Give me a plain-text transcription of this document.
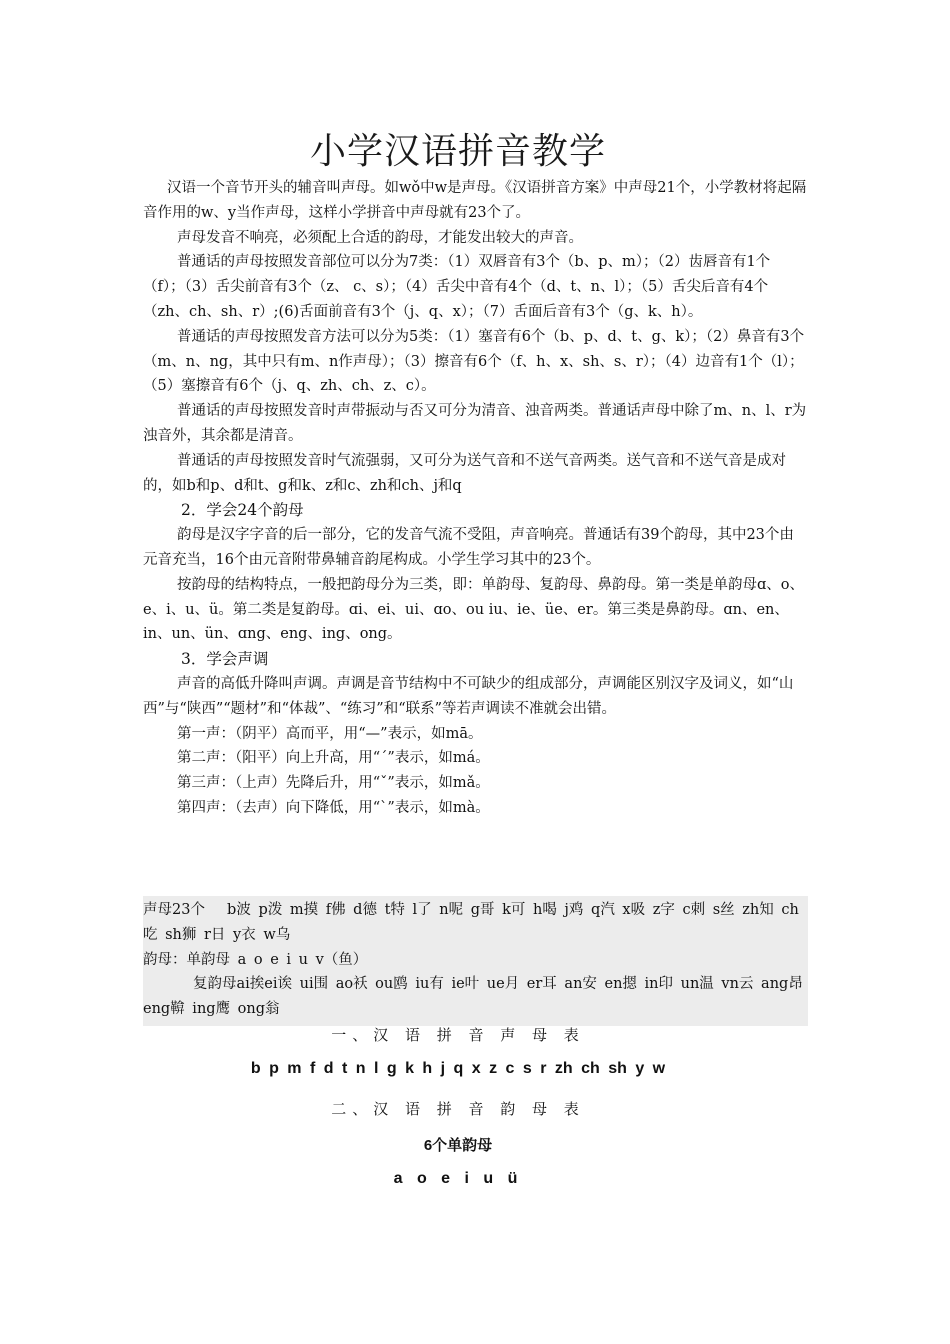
小学汉语拼音教学

汉语一个音节开头的辅音叫声母。如wǒ中w是声母。《汉语拼音方案》中声母21个，小学教材将起隔音作用的w、y当作声母，这样小学拼音中声母就有23个了。

声母发音不响亮，必须配上合适的韵母，才能发出较大的声音。

普通话的声母按照发音部位可以分为7类：（1）双唇音有3个（b、p、m）；（2）齿唇音有1个（f）；（3）舌尖前音有3个（z、 c、s）；（4）舌尖中音有4个（d、t、n、l）；（5）舌尖后音有4个（zh、ch、sh、r）;(6)舌面前音有3个（j、q、x）；（7）舌面后音有3个（g、k、h）。

普通话的声母按照发音方法可以分为5类：（1）塞音有6个（b、p、d、t、g、k）；（2）鼻音有3个（m、n、ng，其中只有m、n作声母）；（3）擦音有6个（f、h、x、sh、s、r）；（4）边音有1个（l）；（5）塞擦音有6个（j、q、zh、ch、z、c）。

普通话的声母按照发音时声带振动与否又可分为清音、浊音两类。普通话声母中除了m、n、l、r为浊音外，其余都是清音。

普通话的声母按照发音时气流强弱，又可分为送气音和不送气音两类。送气音和不送气音是成对的，如b和p、d和t、g和k、z和c、zh和ch、j和q

2．学会24个韵母

韵母是汉字字音的后一部分，它的发音气流不受阻，声音响亮。普通话有39个韵母，其中23个由元音充当，16个由元音附带鼻辅音韵尾构成。小学生学习其中的23个。

按韵母的结构特点，一般把韵母分为三类，即：单韵母、复韵母、鼻韵母。第一类是单韵母ɑ、o、e、i、u、ü。第二类是复韵母。ɑi、ei、ui、ɑo、ou iu、ie、üe、er。第三类是鼻韵母。ɑn、en、in、un、ün、ɑng、eng、ing、ong。

3．学会声调

声音的高低升降叫声调。声调是音节结构中不可缺少的组成部分，声调能区别汉字及词义，如“山西”与“陕西”“题材”和“体裁”、“练习”和“联系”等若声调读不准就会出错。

第一声：（阴平）高而平，用“—”表示，如mā。

第二声：（阳平）向上升高，用“ˊ”表示，如má。

第三声：（上声）先降后升，用“ˇ”表示，如mǎ。

第四声：（去声）向下降低，用“ˋ”表示，如mà。

声母23个　 b波 p泼 m摸 f佛 d德 t特 l了 n呢 g哥 k可 h喝 j鸡 q汽 x吸 z字 c刺 s丝 zh知 ch吃 sh狮 r日 y衣 w乌

韵母：单韵母 a o e i u v（鱼）

复韵母ai挨ei诶 ui围 ao袄 ou鸥 iu有 ie叶 ue月 er耳 an安 en摁 in印 un温 vn云 ang昂 eng鞥 ing鹰 ong翁

一、汉 语 拼 音 声 母 表
b p m f d t n l g k h j q x z c s r zh ch sh y w
二、汉 语 拼 音 韵 母 表
6个单韵母
a o e i u ü
